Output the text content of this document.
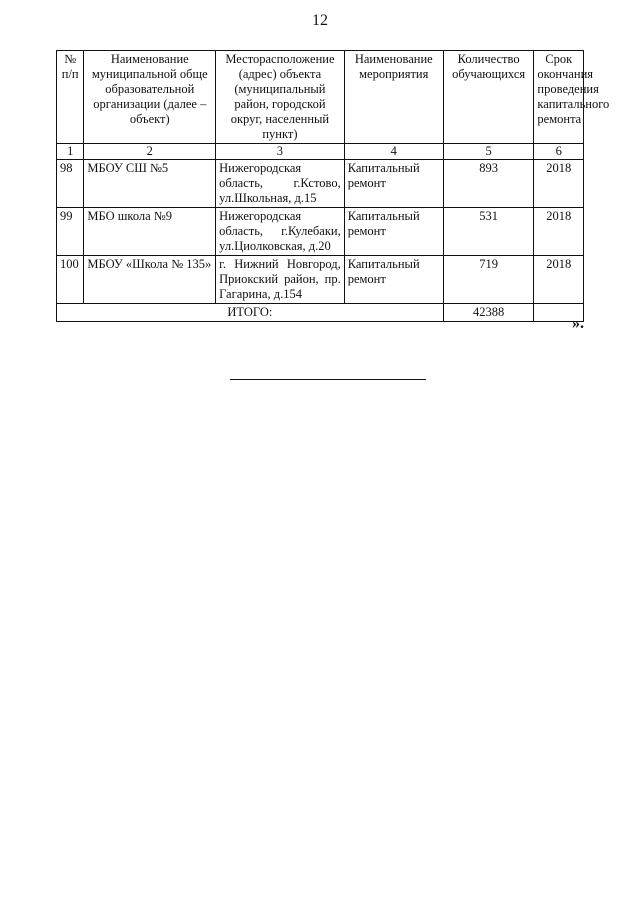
12
№ п/п	Наименование муниципальной обще образовательной организации (далее – объект)	Месторасположение (адрес) объекта (муниципальный район, городской округ, населенный пункт)	Наименование мероприятия	Количество обучающихся	Срок окончания проведения капитального ремонта
1	2	3	4	5	6
98	МБОУ СШ №5	Нижегородская область, г.Кстово, ул.Школьная, д.15	Капитальный ремонт	893	2018
99	МБО школа №9	Нижегородская область, г.Кулебаки, ул.Циолковская, д.20	Капитальный ремонт	531	2018
100	МБОУ «Школа № 135»	г. Нижний Новгород, Приокский район, пр. Гагарина, д.154	Капитальный ремонт	719	2018
ИТОГО:				42388	
».
